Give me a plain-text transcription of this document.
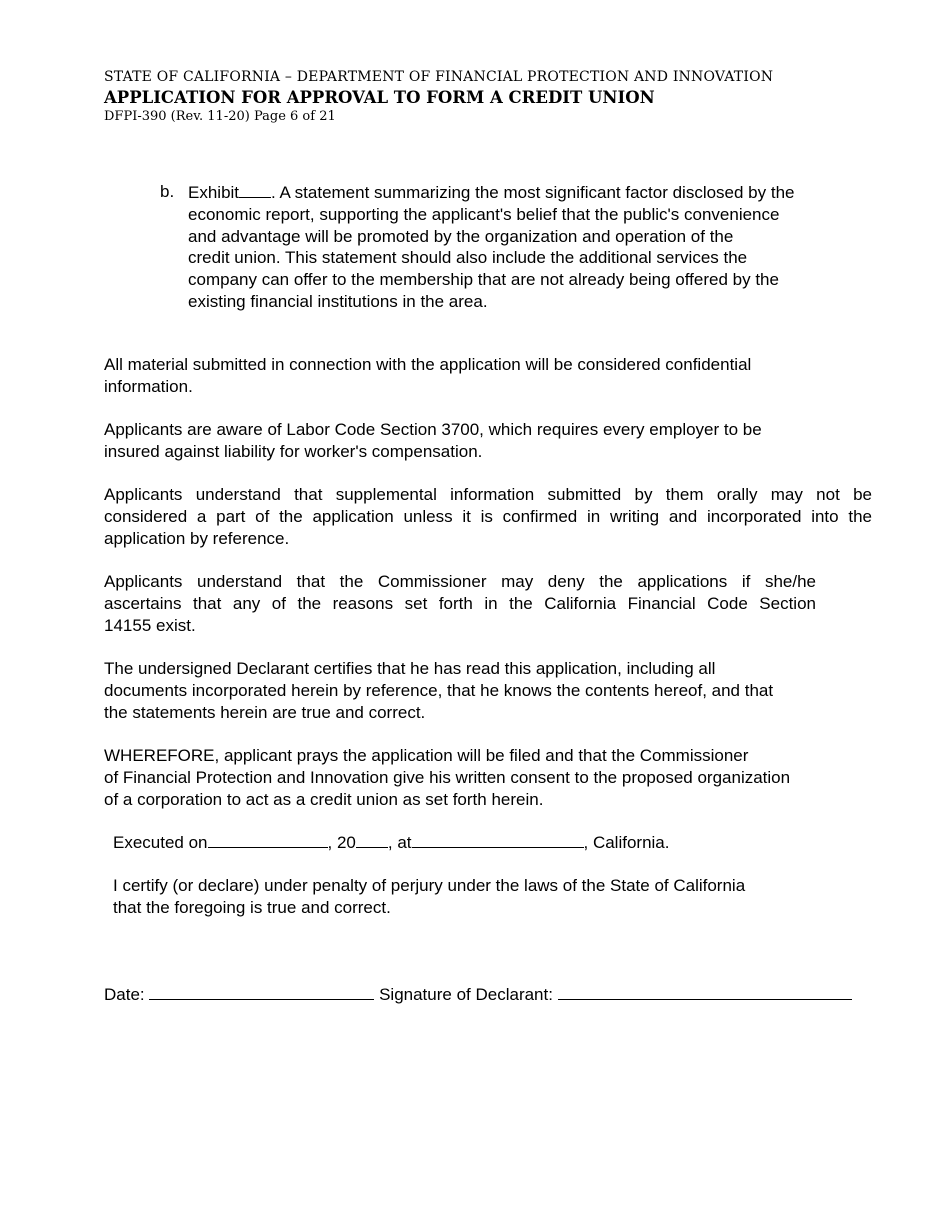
STATE OF CALIFORNIA – DEPARTMENT OF FINANCIAL PROTECTION AND INNOVATION
APPLICATION FOR APPROVAL TO FORM A CREDIT UNION
DFPI-390 (Rev. 11-20) Page 6 of 21
b. Exhibit . A statement summarizing the most significant factor disclosed by the
economic report, supporting the applicant's belief that the public's convenience
and advantage will be promoted by the organization and operation of the
credit union. This statement should also include the additional services the
company can offer to the membership that are not already being offered by the
existing financial institutions in the area.
All material submitted in connection with the application will be considered confidential
information.
Applicants are aware of Labor Code Section 3700, which requires every employer to be
insured against liability for worker's compensation.
Applicants understand that supplemental information submitted by them orally may not be
considered a part of the application unless it is confirmed in writing and incorporated into the
application by reference.
Applicants understand that the Commissioner may deny the applications if she/he
ascertains that any of the reasons set forth in the California Financial Code Section
14155 exist.
The undersigned Declarant certifies that he has read this application, including all
documents incorporated herein by reference, that he knows the contents hereof, and that
the statements herein are true and correct.
WHEREFORE, applicant prays the application will be filed and that the Commissioner
of Financial Protection and Innovation give his written consent to the proposed organization
of a corporation to act as a credit union as set forth herein.
Executed on	, 20 , at	, California.
I certify (or declare) under penalty of perjury under the laws of the State of California
that the foregoing is true and correct.
Date:	Signature of Declarant:
